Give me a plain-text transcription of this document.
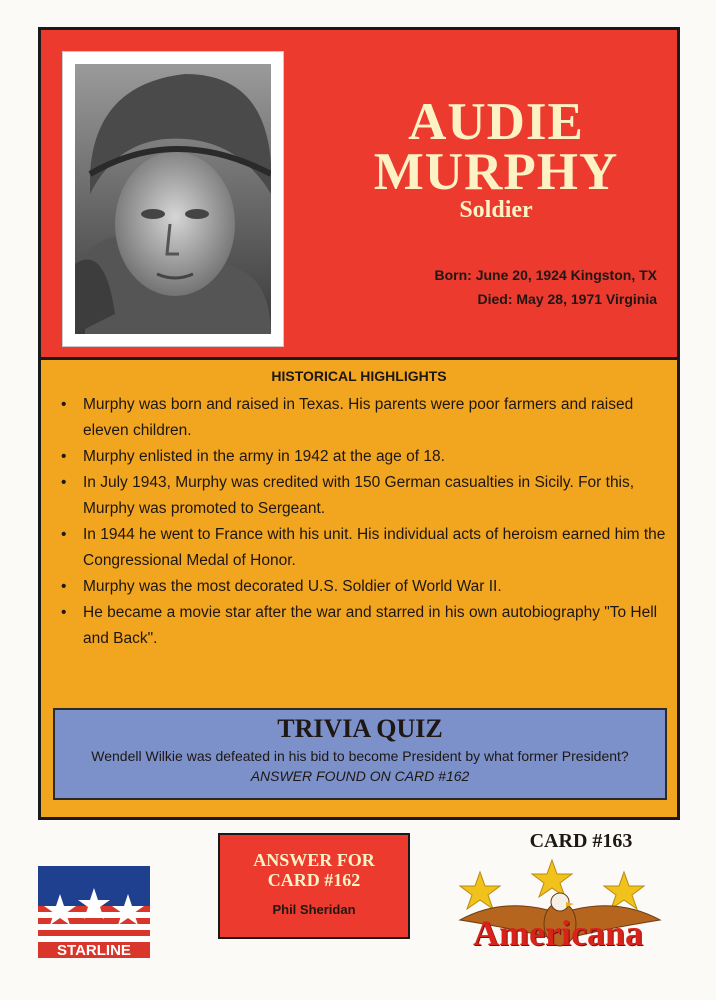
AUDIE
MURPHY
Soldier
Born: June 20, 1924 Kingston, TX
Died: May 28, 1971 Virginia
HISTORICAL HIGHLIGHTS
• Murphy was born and raised in Texas. His parents were poor farmers and raised eleven children.
• Murphy enlisted in the army in 1942 at the age of 18.
• In July 1943, Murphy was credited with 150 German casualties in Sicily. For this, Murphy was promoted to Sergeant.
• In 1944 he went to France with his unit. His individual acts of heroism earned him the Congressional Medal of Honor.
• Murphy was the most decorated U.S. Soldier of World War II.
• He became a movie star after the war and starred in his own autobiography "To Hell and Back".
TRIVIA QUIZ
Wendell Wilkie was defeated in his bid to become President by what former President?
ANSWER FOUND ON CARD #162
STARLINE
ANSWER FOR
CARD #162
Phil Sheridan
CARD #163
Americana
